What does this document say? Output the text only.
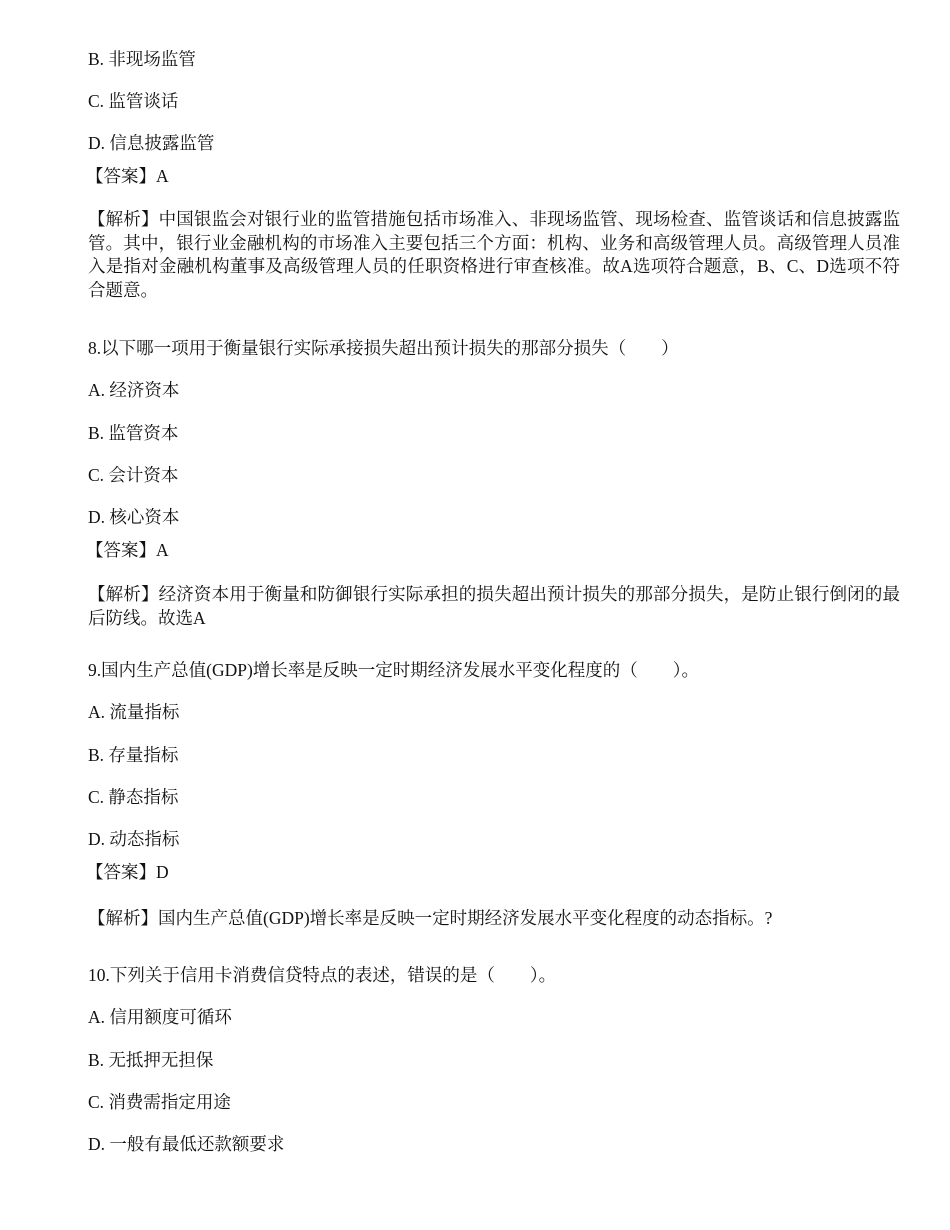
B. 非现场监管
C. 监管谈话
D. 信息披露监管
【答案】A
【解析】中国银监会对银行业的监管措施包括市场准入、非现场监管、现场检查、监管谈话和信息披露监管。其中，银行业金融机构的市场准入主要包括三个方面：机构、业务和高级管理人员。高级管理人员准入是指对金融机构董事及高级管理人员的任职资格进行审查核准。故A选项符合题意，B、C、D选项不符合题意。
8.以下哪一项用于衡量银行实际承接损失超出预计损失的那部分损失（　　）
A. 经济资本
B. 监管资本
C. 会计资本
D. 核心资本
【答案】A
【解析】经济资本用于衡量和防御银行实际承担的损失超出预计损失的那部分损失，是防止银行倒闭的最后防线。故选A
9.国内生产总值(GDP)增长率是反映一定时期经济发展水平变化程度的（　　）。
A. 流量指标
B. 存量指标
C. 静态指标
D. 动态指标
【答案】D
【解析】国内生产总值(GDP)增长率是反映一定时期经济发展水平变化程度的动态指标。?
10.下列关于信用卡消费信贷特点的表述，错误的是（　　）。
A. 信用额度可循环
B. 无抵押无担保
C. 消费需指定用途
D. 一般有最低还款额要求
